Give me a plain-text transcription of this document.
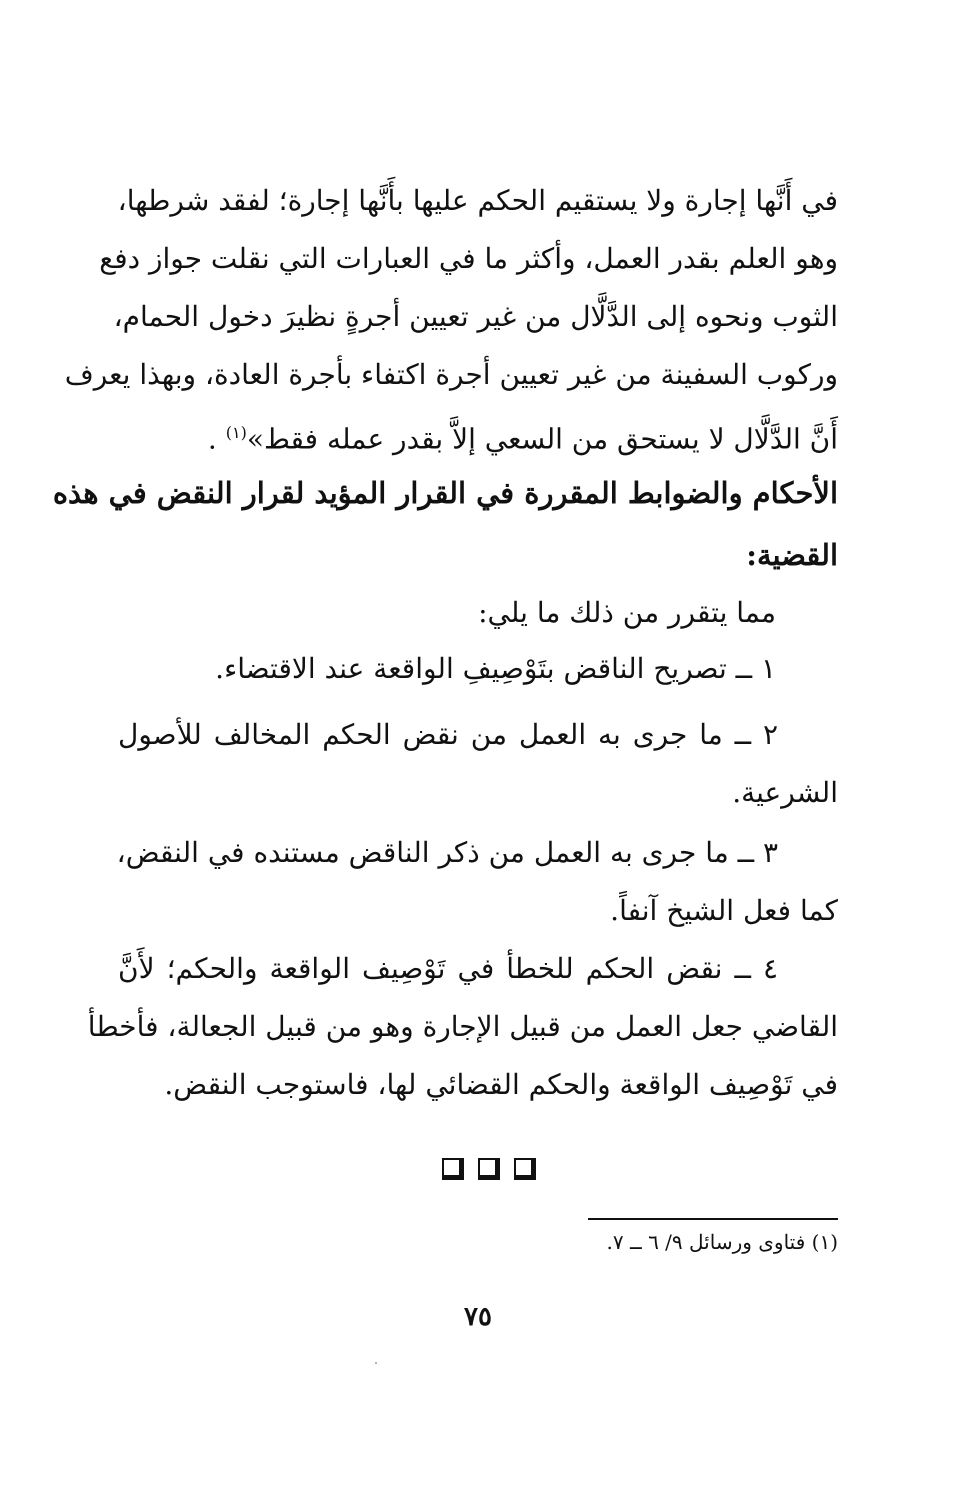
في أَنَّها إجارة ولا يستقيم الحكم عليها بأَنَّها إجارة؛ لفقد شرطها،
وهو العلم بقدر العمل، وأكثر ما في العبارات التي نقلت جواز دفع
الثوب ونحوه إلى الدَّلَّال من غير تعيين أجرةٍ نظيرَ دخول الحمام،
وركوب السفينة من غير تعيين أجرة اكتفاء بأجرة العادة، وبهذا يعرف
أَنَّ الدَّلَّال لا يستحق من السعي إلاَّ بقدر عمله فقط»$^{(١)}$ .
الأحكام والضوابط المقررة في القرار المؤيد لقرار النقض في هذه
القضية:
مما يتقرر من ذلك ما يلي:
١ ــ تصريح الناقض بتَوْصِيفِ الواقعة عند الاقتضاء.
٢ ــ ما جرى به العمل من نقض الحكم المخالف للأصول
الشرعية.
٣ ــ ما جرى به العمل من ذكر الناقض مستنده في النقض،
كما فعل الشيخ آنفاً.
٤ ــ نقض الحكم للخطأ في تَوْصِيف الواقعة والحكم؛ لأَنَّ
القاضي جعل العمل من قبيل الإجارة وهو من قبيل الجعالة، فأخطأ
في تَوْصِيف الواقعة والحكم القضائي لها، فاستوجب النقض.
(١) فتاوى ورسائل ٩/ ٦ ــ ٧.
٧٥
